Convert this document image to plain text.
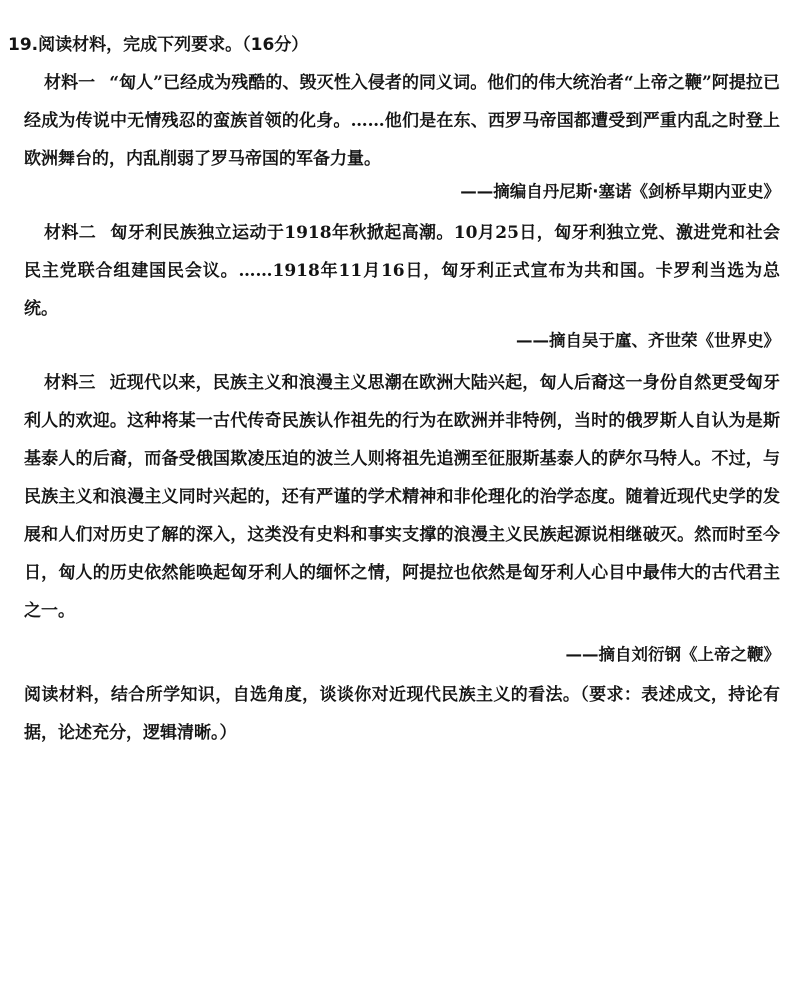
19.阅读材料，完成下列要求。（16分）
材料一 “匈人”已经成为残酷的、毁灭性入侵者的同义词。他们的伟大统治者“上帝之鞭”阿提拉已经成为传说中无情残忍的蛮族首领的化身。……他们是在东、西罗马帝国都遭受到严重内乱之时登上欧洲舞台的，内乱削弱了罗马帝国的军备力量。
——摘编自丹尼斯·塞诺《剑桥早期内亚史》
材料二 匈牙利民族独立运动于1918年秋掀起高潮。10月25日，匈牙利独立党、激进党和社会民主党联合组建国民会议。……1918年11月16日，匈牙利正式宣布为共和国。卡罗利当选为总统。
——摘自吴于廑、齐世荣《世界史》
材料三 近现代以来，民族主义和浪漫主义思潮在欧洲大陆兴起，匈人后裔这一身份自然更受匈牙利人的欢迎。这种将某一古代传奇民族认作祖先的行为在欧洲并非特例，当时的俄罗斯人自认为是斯基泰人的后裔，而备受俄国欺凌压迫的波兰人则将祖先追溯至征服斯基泰人的萨尔马特人。不过，与民族主义和浪漫主义同时兴起的，还有严谨的学术精神和非伦理化的治学态度。随着近现代史学的发展和人们对历史了解的深入，这类没有史料和事实支撑的浪漫主义民族起源说相继破灭。然而时至今日，匈人的历史依然能唤起匈牙利人的缅怀之情，阿提拉也依然是匈牙利人心目中最伟大的古代君主之一。
——摘自刘衍钢《上帝之鞭》
阅读材料，结合所学知识，自选角度，谈谈你对近现代民族主义的看法。（要求：表述成文，持论有据，论述充分，逻辑清晰。）
